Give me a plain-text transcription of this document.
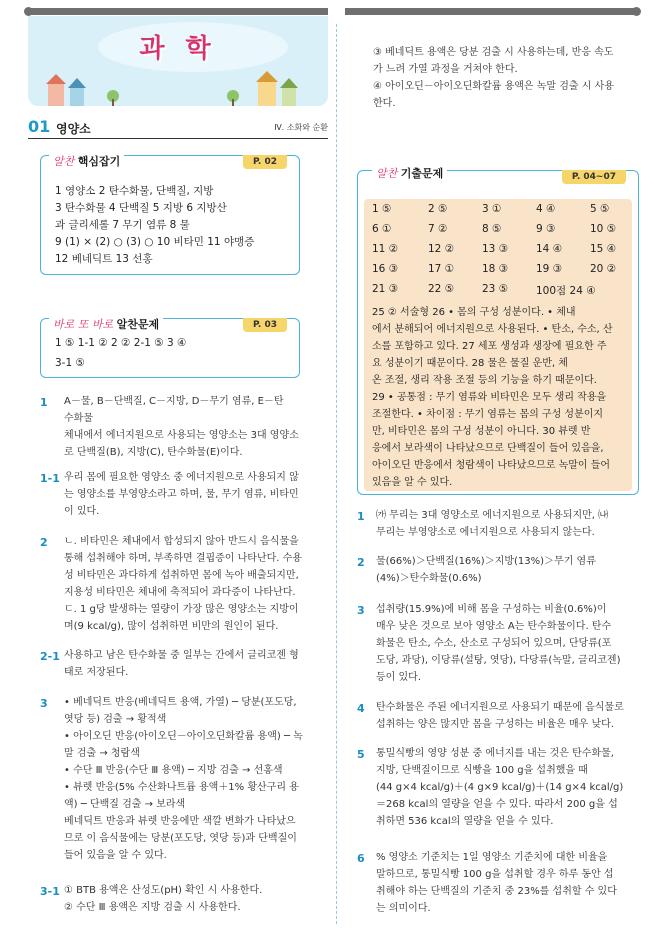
과 학
01 영양소	Ⅳ. 소화와 순환
알찬 핵심잡기	P. 02
1 영양소 2 탄수화물, 단백질, 지방
3 탄수화물 4 단백질 5 지방 6 지방산
과 글리세롤 7 무기 염류 8 물
9 (1) × (2) ○ (3) ○ 10 비타민 11 야맹증
12 베네딕트 13 선홍
바로 또 바로 알찬문제	P. 03
1 ⑤ 1-1 ② 2 ② 2-1 ⑤ 3 ④
3-1 ⑤
1 A－물, B－단백질, C－지방, D－무기 염류, E－탄
수화물
체내에서 에너지원으로 사용되는 영양소는 3대 영양소
로 단백질(B), 지방(C), 탄수화물(E)이다.
1-1 우리 몸에 필요한 영양소 중 에너지원으로 사용되지 않
는 영양소를 부영양소라고 하며, 물, 무기 염류, 비타민
이 있다.
2 ㄴ. 비타민은 체내에서 합성되지 않아 반드시 음식물을
통해 섭취해야 하며, 부족하면 결핍증이 나타난다. 수용
성 비타민은 과다하게 섭취하면 몸에 녹아 배출되지만,
지용성 비타민은 체내에 축적되어 과다증이 나타난다.
ㄷ. 1 g당 발생하는 열량이 가장 많은 영양소는 지방이
며(9 kcal/g), 많이 섭취하면 비만의 원인이 된다.
2-1 사용하고 남은 탄수화물 중 일부는 간에서 글리코젠 형
태로 저장된다.
3 • 베네딕트 반응(베네딕트 용액, 가열) ─ 당분(포도당,
엿당 등) 검출 → 황적색
• 아이오딘 반응(아이오딘－아이오딘화칼륨 용액) ─ 녹
말 검출 → 청람색
• 수단 Ⅲ 반응(수단 Ⅲ 용액) ─ 지방 검출 → 선홍색
• 뷰렛 반응(5% 수산화나트륨 용액＋1% 황산구리 용
액) ─ 단백질 검출 → 보라색
베네딕트 반응과 뷰렛 반응에만 색깔 변화가 나타났으
므로 이 음식물에는 당분(포도당, 엿당 등)과 단백질이
들어 있음을 알 수 있다.
3-1 ① BTB 용액은 산성도(pH) 확인 시 사용한다.
② 수단 Ⅲ 용액은 지방 검출 시 사용한다.
③ 베네딕트 용액은 당분 검출 시 사용하는데, 반응 속도
가 느려 가열 과정을 거쳐야 한다.
④ 아이오딘－아이오딘화칼륨 용액은 녹말 검출 시 사용
한다.
알찬 기출문제	P. 04~07
1 ⑤	2 ⑤	3 ①	4 ④	5 ⑤
6 ①	7 ②	8 ⑤	9 ③	10 ⑤
11 ②	12 ②	13 ③	14 ④	15 ④
16 ③	17 ①	18 ③	19 ③	20 ②
21 ③	22 ⑤	23 ⑤	100점 24 ④
25 ② 서술형 26 • 몸의 구성 성분이다. • 체내
에서 분해되어 에너지원으로 사용된다. • 탄소, 수소, 산
소를 포함하고 있다. 27 세포 생성과 생장에 필요한 주
요 성분이기 때문이다. 28 물은 물질 운반, 체
온 조절, 생리 작용 조절 등의 기능을 하기 때문이다.
29 • 공통점 : 무기 염류와 비타민은 모두 생리 작용을
조절한다. • 차이점 : 무기 염류는 몸의 구성 성분이지
만, 비타민은 몸의 구성 성분이 아니다. 30 뷰렛 반
응에서 보라색이 나타났으므로 단백질이 들어 있음을,
아이오딘 반응에서 청람색이 나타났으므로 녹말이 들어
있음을 알 수 있다.
1 ㈎ 무리는 3대 영양소로 에너지원으로 사용되지만, ㈏
무리는 부영양소로 에너지원으로 사용되지 않는다.
2 물(66%)＞단백질(16%)＞지방(13%)＞무기 염류
(4%)＞탄수화물(0.6%)
3 섭취량(15.9%)에 비해 몸을 구성하는 비율(0.6%)이
매우 낮은 것으로 보아 영양소 A는 탄수화물이다. 탄수
화물은 탄소, 수소, 산소로 구성되어 있으며, 단당류(포
도당, 과당), 이당류(설탕, 엿당), 다당류(녹말, 글리코젠)
등이 있다.
4 탄수화물은 주된 에너지원으로 사용되기 때문에 음식물로
섭취하는 양은 많지만 몸을 구성하는 비율은 매우 낮다.
5 통밀식빵의 영양 성분 중 에너지를 내는 것은 탄수화물,
지방, 단백질이므로 식빵을 100 g을 섭취했을 때
(44 g×4 kcal/g)＋(4 g×9 kcal/g)＋(14 g×4 kcal/g)
＝268 kcal의 열량을 얻을 수 있다. 따라서 200 g을 섭
취하면 536 kcal의 열량을 얻을 수 있다.
6 % 영양소 기준치는 1일 영양소 기준치에 대한 비율을
말하므로, 통밀식빵 100 g을 섭취할 경우 하루 동안 섭
취해야 하는 단백질의 기준치 중 23%를 섭취할 수 있다
는 의미이다.
